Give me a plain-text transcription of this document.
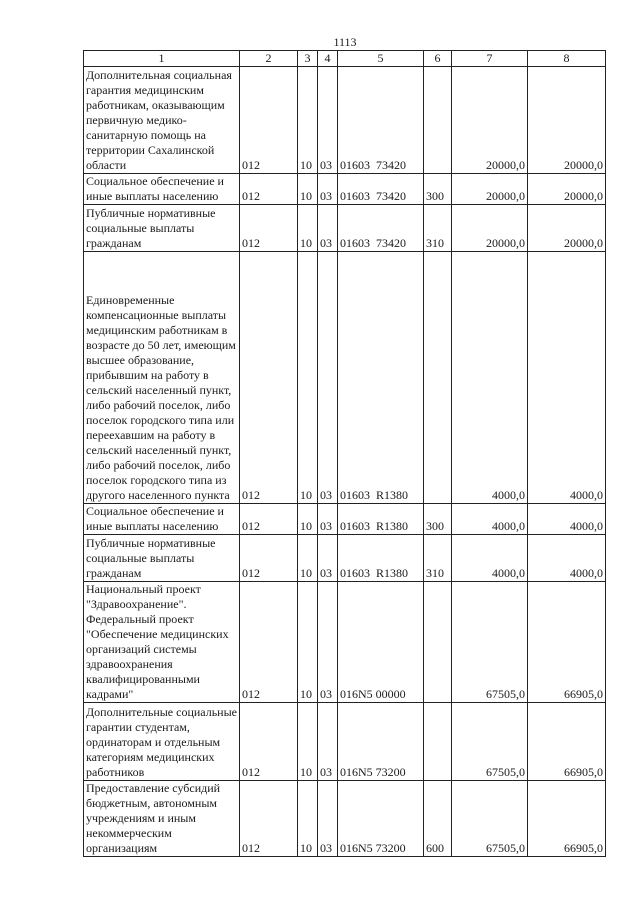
1113
1	2	3	4	5	6	7	8
Дополнительная социальная гарантия медицинским работникам, оказывающим первичную медико-санитарную помощь на территории Сахалинской области	012	10	03	01603  73420		20000,0	20000,0
Социальное обеспечение и иные выплаты населению	012	10	03	01603  73420	300	20000,0	20000,0
Публичные нормативные социальные выплаты гражданам	012	10	03	01603  73420	310	20000,0	20000,0
Единовременные компенсационные выплаты медицинским работникам в возрасте до 50 лет, имеющим высшее образование, прибывшим на работу в сельский населенный пункт, либо рабочий поселок, либо поселок городского типа или переехавшим на работу в сельский населенный пункт, либо рабочий поселок, либо поселок городского типа из другого населенного пункта	012	10	03	01603  R1380		4000,0	4000,0
Социальное обеспечение и иные выплаты населению	012	10	03	01603  R1380	300	4000,0	4000,0
Публичные нормативные социальные выплаты гражданам	012	10	03	01603  R1380	310	4000,0	4000,0
Национальный проект "Здравоохранение". Федеральный проект "Обеспечение медицинских организаций системы здравоохранения квалифицированными кадрами"	012	10	03	016N5 00000		67505,0	66905,0
Дополнительные социальные гарантии студентам, ординаторам и отдельным категориям медицинских работников	012	10	03	016N5 73200		67505,0	66905,0
Предоставление субсидий бюджетным, автономным учреждениям и иным некоммерческим организациям	012	10	03	016N5 73200	600	67505,0	66905,0
